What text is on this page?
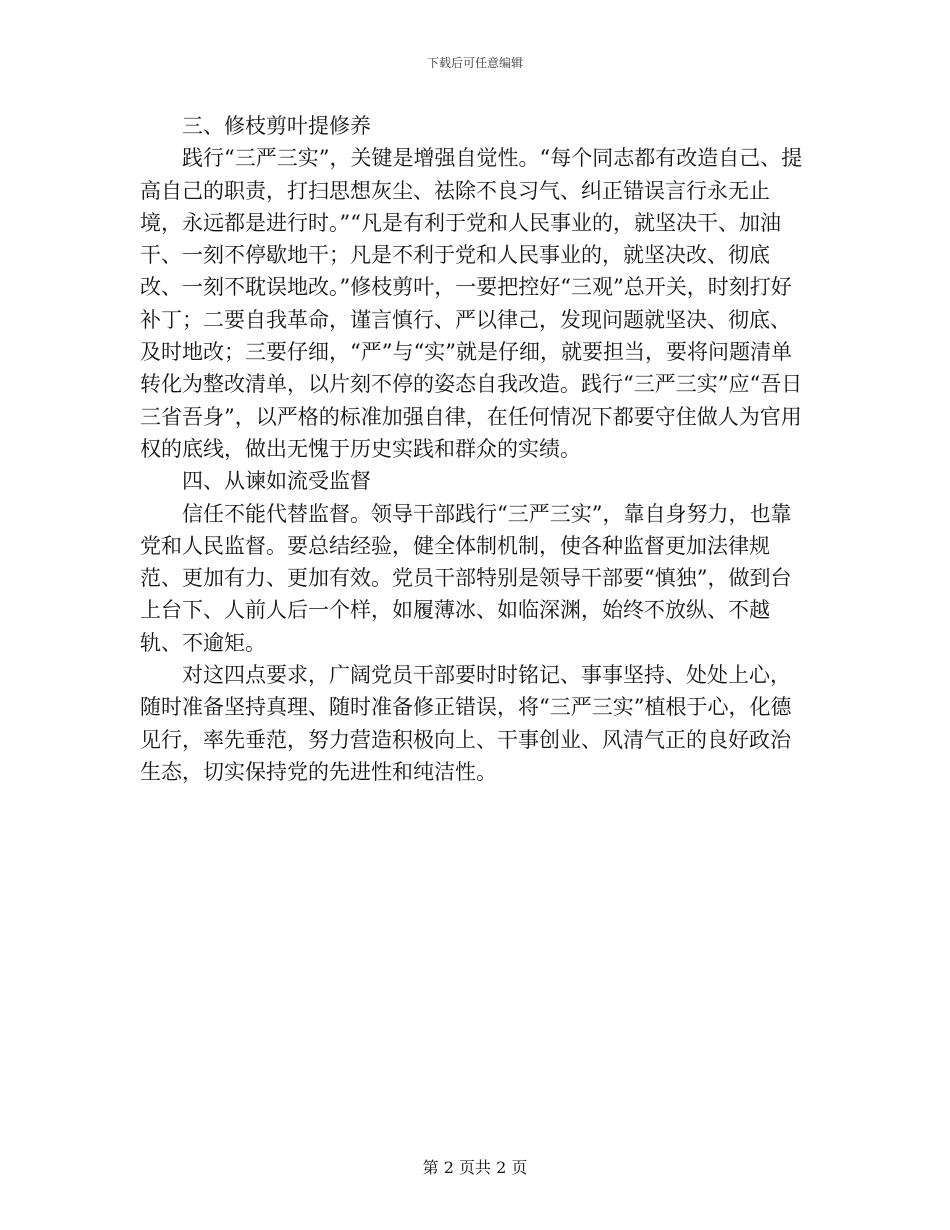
下载后可任意编辑

三、修枝剪叶提修养

践行“三严三实”，关键是增强自觉性。“每个同志都有改造自己、提高自己的职责，打扫思想灰尘、祛除不良习气、纠正错误言行永无止境，永远都是进行时。”“凡是有利于党和人民事业的，就坚决干、加油干、一刻不停歇地干；凡是不利于党和人民事业的，就坚决改、彻底改、一刻不耽误地改。”修枝剪叶，一要把控好“三观”总开关，时刻打好补丁；二要自我革命，谨言慎行、严以律己，发现问题就坚决、彻底、及时地改；三要仔细，“严”与“实”就是仔细，就要担当，要将问题清单转化为整改清单，以片刻不停的姿态自我改造。践行“三严三实”应“吾日三省吾身”，以严格的标准加强自律，在任何情况下都要守住做人为官用权的底线，做出无愧于历史实践和群众的实绩。

四、从谏如流受监督

信任不能代替监督。领导干部践行“三严三实”，靠自身努力，也靠党和人民监督。要总结经验，健全体制机制，使各种监督更加法律规范、更加有力、更加有效。党员干部特别是领导干部要“慎独”，做到台上台下、人前人后一个样，如履薄冰、如临深渊，始终不放纵、不越轨、不逾矩。

对这四点要求，广阔党员干部要时时铭记、事事坚持、处处上心，随时准备坚持真理、随时准备修正错误，将“三严三实”植根于心，化德见行，率先垂范，努力营造积极向上、干事创业、风清气正的良好政治生态，切实保持党的先进性和纯洁性。

第 2 页共 2 页
